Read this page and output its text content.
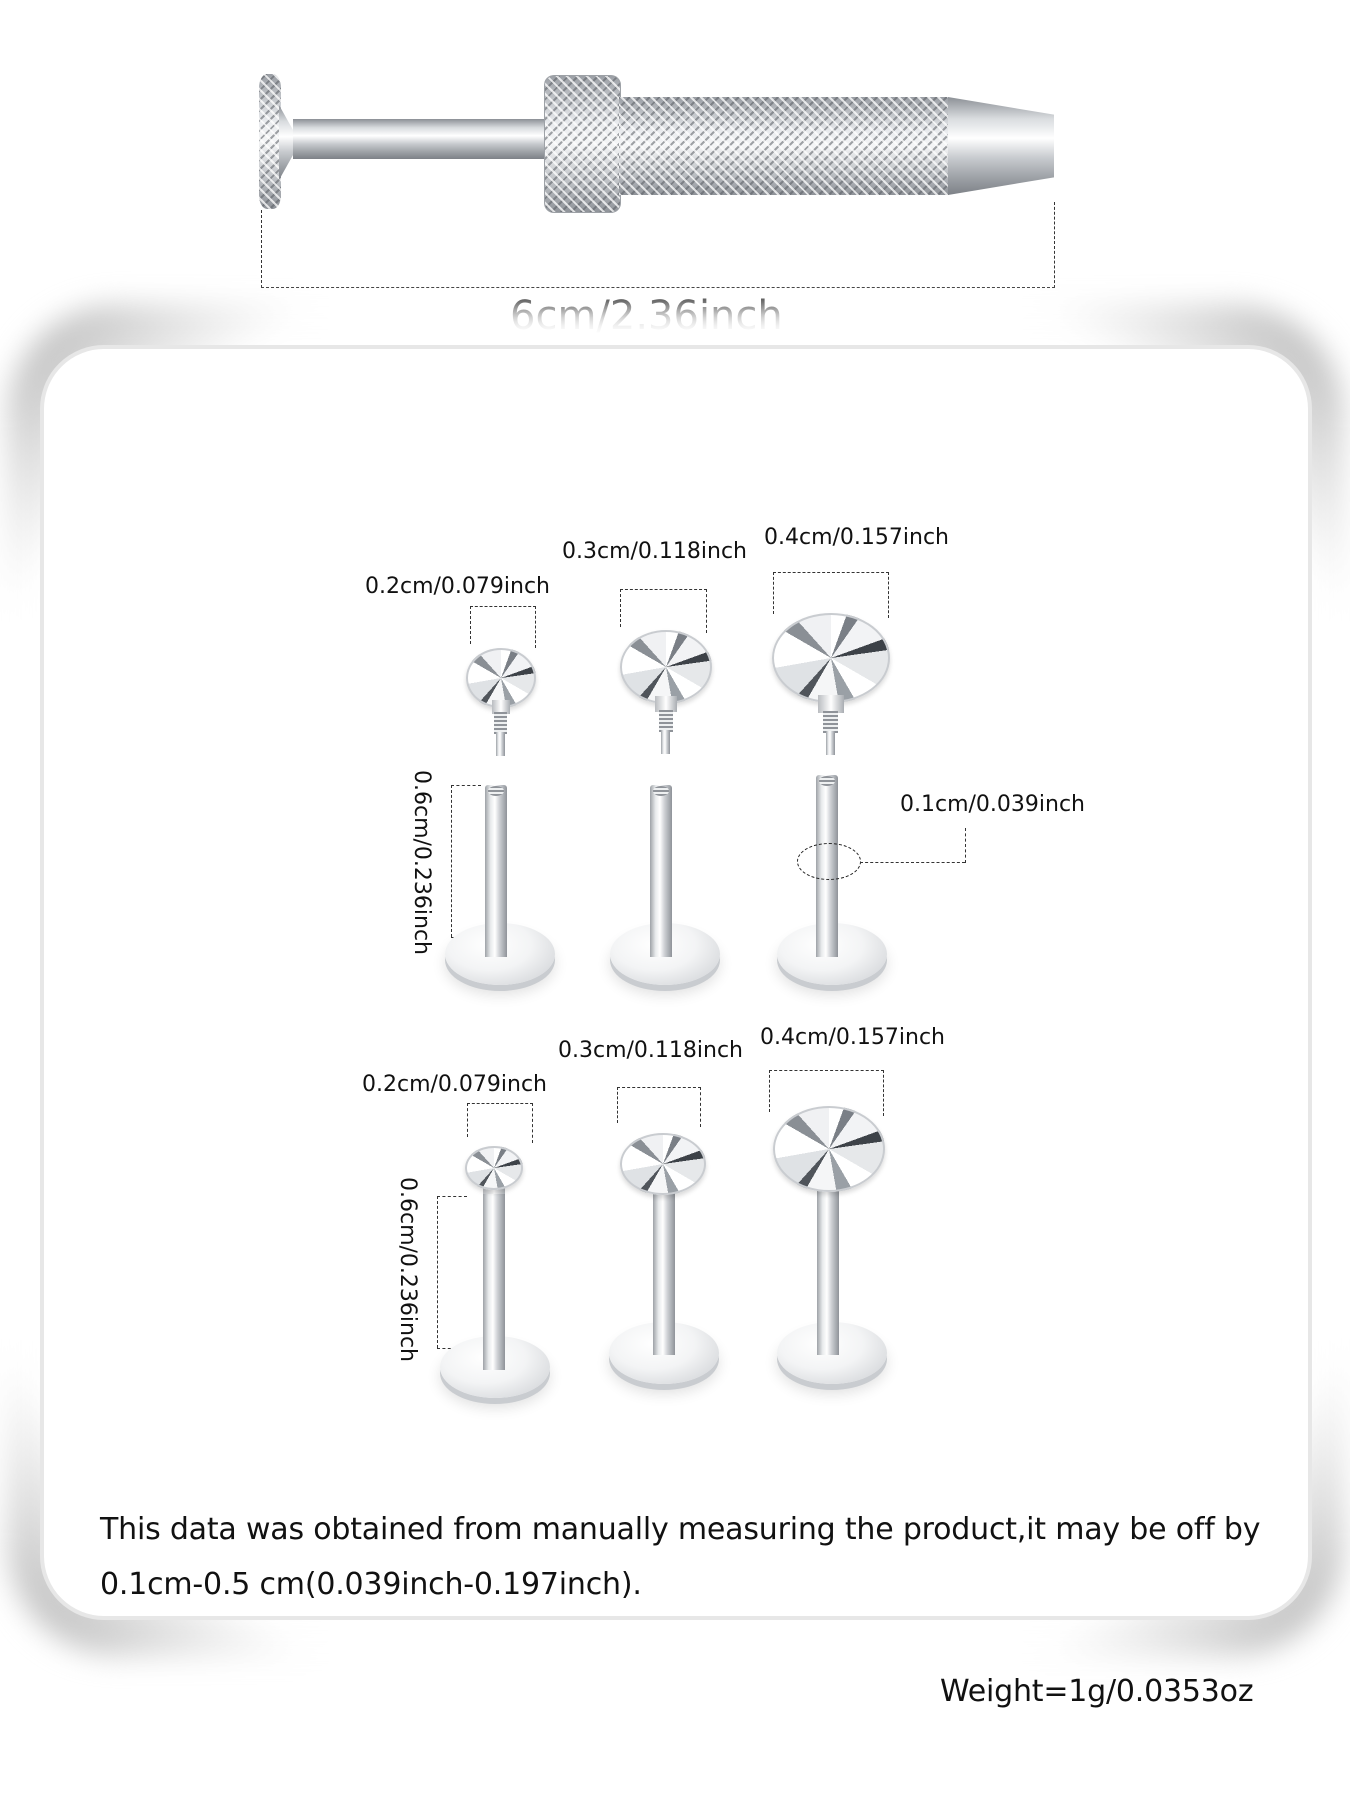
0.2cm/0.079inch
0.3cm/0.118inch
0.4cm/0.157inch
0.6cm/0.236inch	0.1cm/0.039inch
0.2cm/0.079inch
0.3cm/0.118inch
0.4cm/0.157inch
0.6cm/0.236inch
This data was obtained from manually measuring the product,it may be off by
0.1cm-0.5 cm(0.039inch-0.197inch).
Weight=1g/0.0353oz
